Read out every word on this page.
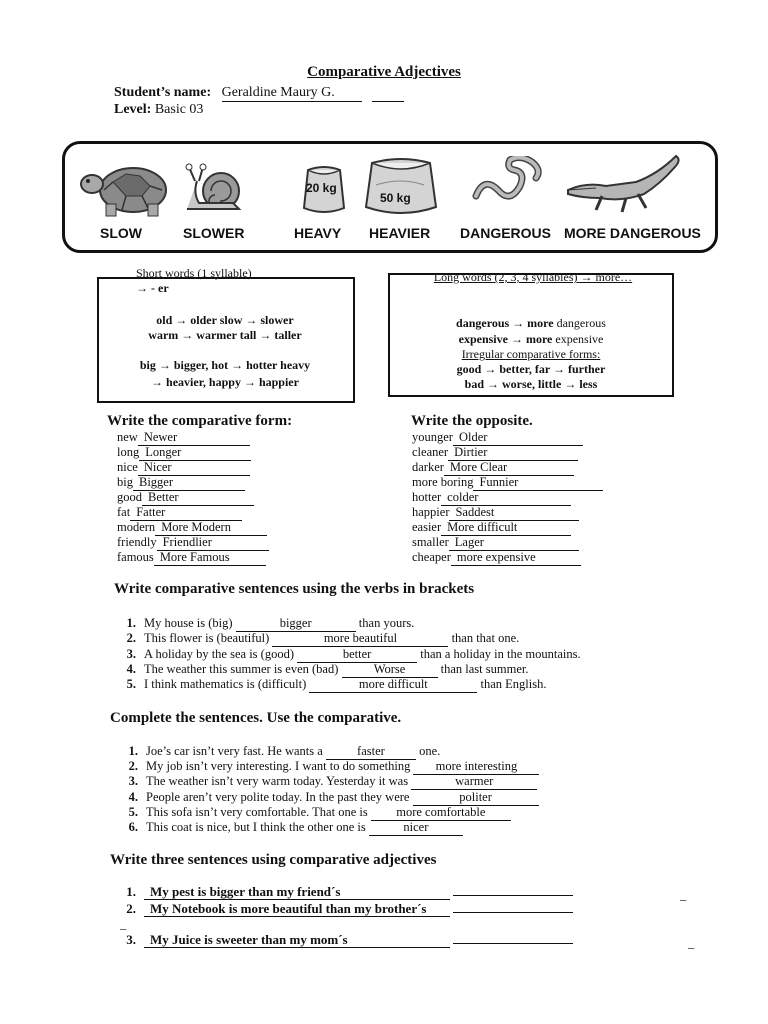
Comparative Adjectives
Student’s name: Geraldine Maury G.
Level: Basic 03
20 kg
50 kg
SLOW	SLOWER	HEAVY HEAVIER DANGEROUS MORE DANGEROUS
Short words (1 syllable)
→ - er
old → older slow → slower
warm → warmer tall → taller
big → bigger, hot → hotter heavy
→ heavier, happy → happier
Long words (2, 3, 4 syllables) → more…
dangerous → more dangerous
expensive → more expensive
Irregular comparative forms:
good → better, far → further
bad → worse, little → less
Write the comparative form:	Write the opposite.
new Newer
long Longer
nice Nicer
big Bigger
good Better
fat Fatter
modern More Modern
friendly Friendlier
famous More Famous
younger Older
cleaner Dirtier
darker More Clear
more boring Funnier
hotter colder
happier Saddest
easier More difficult
smaller Lager
cheaper more expensive
Write comparative sentences using the verbs in brackets
1. My house is (big)	bigger	than yours.
2. This flower is (beautiful)	more beautiful	than that one.
3. A holiday by the sea is (good)	better	than a holiday in the mountains.
4. The weather this summer is even (bad)	Worse	than last summer.
5. I think mathematics is (difficult)	more difficult	than English.
Complete the sentences. Use the comparative.
1. Joe’s car isn’t very fast. He wants a	faster	one.
2. My job isn’t very interesting. I want to do something more interesting
3. The weather isn’t very warm today. Yesterday it was	warmer
4. People aren’t very polite today. In the past they were	politer
5. This sofa isn’t very comfortable. That one is more comfortable
6. This coat is nice, but I think the other one is	nicer
Write three sentences using comparative adjectives
1. My pest is bigger than my friend´s
2. My Notebook is more beautiful than my brother´s
3. My Juice is sweeter than my mom´s
_
_
_
